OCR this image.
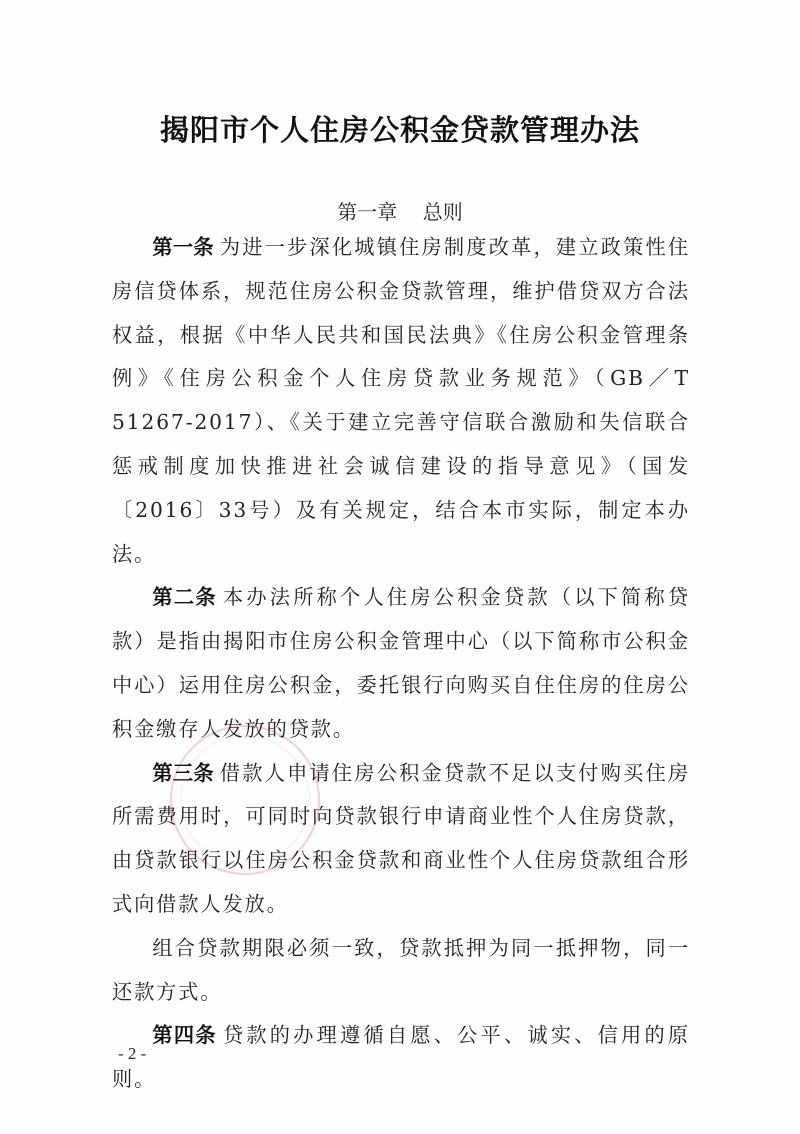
揭阳市个人住房公积金贷款管理办法
第一章    总则

第一条 为进一步深化城镇住房制度改革，建立政策性住房信贷体系，规范住房公积金贷款管理，维护借贷双方合法权益，根据《中华人民共和国民法典》《住房公积金管理条例》《住房公积金个人住房贷款业务规范》（GB／T 51267-2017）、《关于建立完善守信联合激励和失信联合惩戒制度加快推进社会诚信建设的指导意见》（国发〔2016〕33号）及有关规定，结合本市实际，制定本办法。

第二条 本办法所称个人住房公积金贷款（以下简称贷款）是指由揭阳市住房公积金管理中心（以下简称市公积金中心）运用住房公积金，委托银行向购买自住住房的住房公积金缴存人发放的贷款。

第三条 借款人申请住房公积金贷款不足以支付购买住房所需费用时，可同时向贷款银行申请商业性个人住房贷款，由贷款银行以住房公积金贷款和商业性个人住房贷款组合形式向借款人发放。

组合贷款期限必须一致，贷款抵押为同一抵押物，同一还款方式。

第四条 贷款的办理遵循自愿、公平、诚实、信用的原则。

- 2 -
